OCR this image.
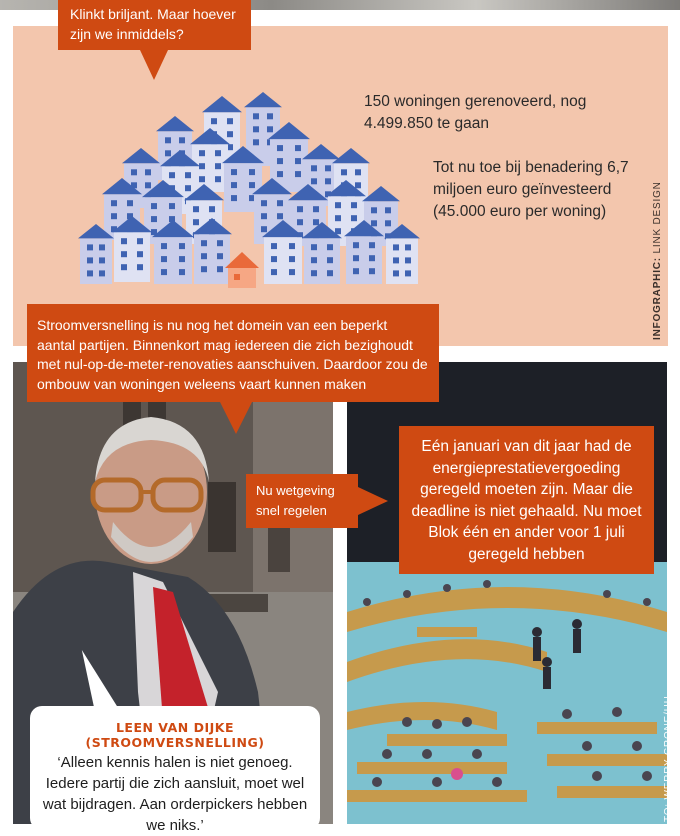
150 woningen gerenoveerd, nog 4.499.850 te gaan
Tot nu toe bij benadering 6,7 miljoen euro geïnvesteerd (45.000 euro per woning)
INFOGRAPHIC: LINK DESIGN
Klinkt briljant. Maar hoever zijn we inmiddels?
TO: WERRY CRONE/HH
Stroomversnelling is nu nog het domein van een beperkt aantal partijen. Binnenkort mag iedereen die zich bezighoudt met nul-op-de-meter-renovaties aanschuiven. Daardoor zou de ombouw van woningen weleens vaart kunnen maken
Nu wetgeving snel regelen
Eén januari van dit jaar had de energieprestatievergoeding geregeld moeten zijn. Maar die deadline is niet gehaald. Nu moet Blok één en ander voor 1 juli geregeld hebben
LEEN VAN DIJKE (STROOMVERSNELLING)
‘Alleen kennis halen is niet genoeg. Iedere partij die zich aansluit, moet wel wat bijdragen. Aan orderpickers hebben we niks.’
